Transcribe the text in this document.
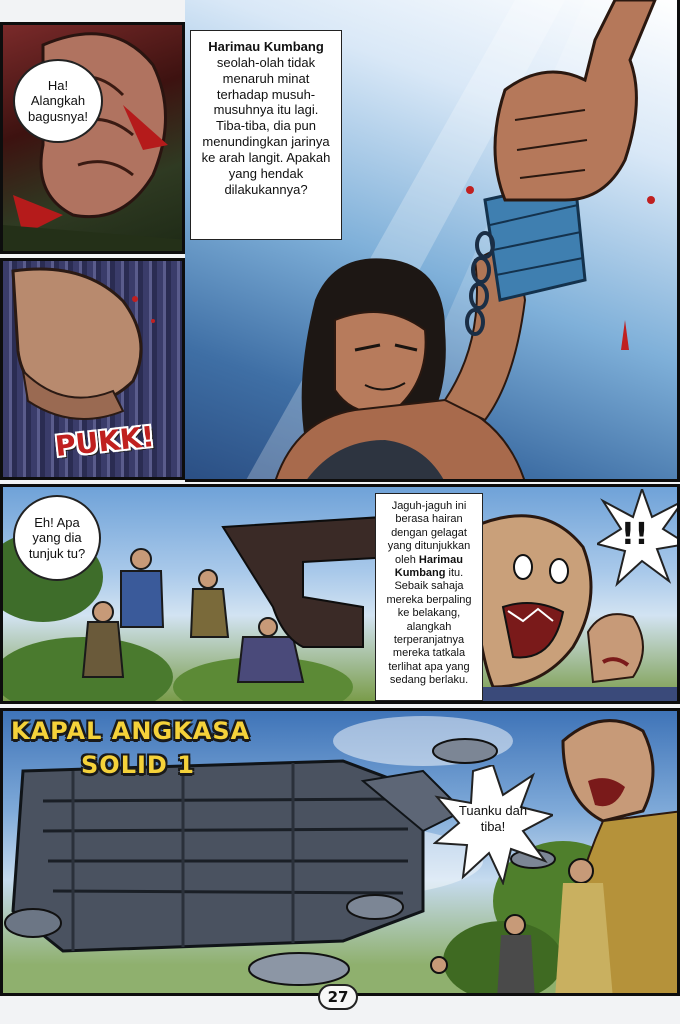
Ha! Alangkah bagusnya!
PUKK!
Harimau Kumbang seolah-olah tidak menaruh minat terhadap musuh-musuhnya itu lagi. Tiba-tiba, dia pun menundingkan jarinya ke arah langit. Apakah yang hendak dilakukannya?
Eh! Apa yang dia tunjuk tu?
Jaguh-jaguh ini berasa hairan dengan gelagat yang ditunjukkan oleh Harimau Kumbang itu. Sebaik sahaja mereka berpaling ke belakang, alangkah terperanjatnya mereka tatkala terlihat apa yang sedang berlaku.
!!
KAPAL ANGKASA
SOLID 1
Tuanku dah tiba!
27
